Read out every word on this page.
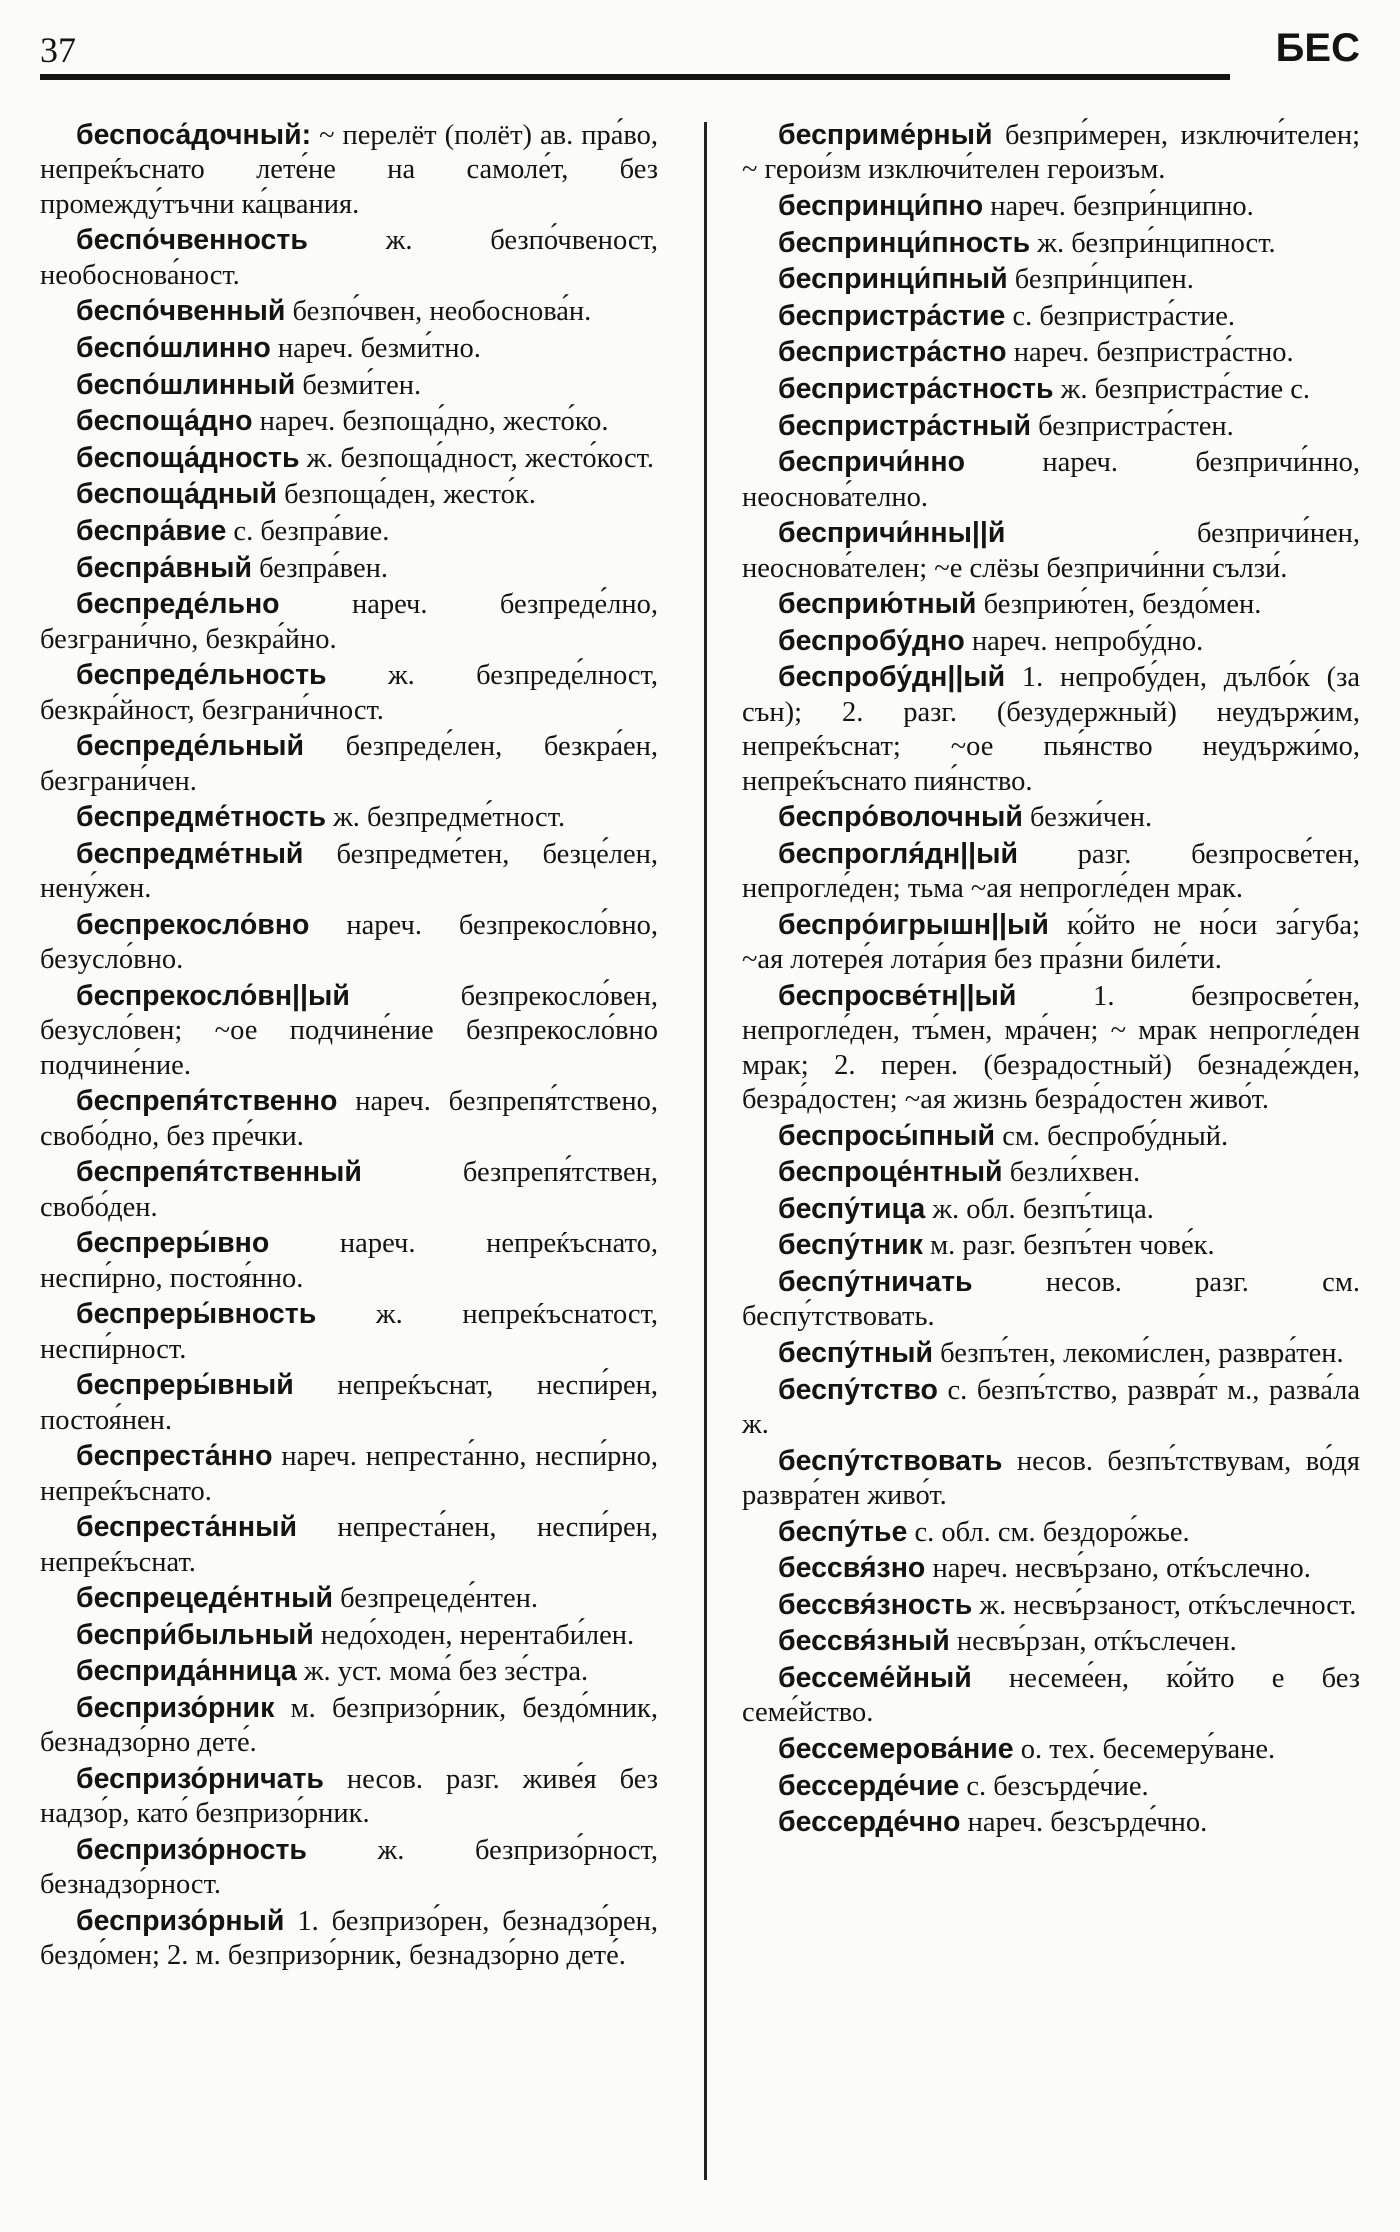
37	БЕС

беспоса́дочный: ~ перелёт (полёт) ав. пра́во, непреќъснато лете́не на самоле́т, без промежду́тъчни ка́цвания.

беспо́чвенность ж. безпо́чвеност, необоснова́ност.

беспо́чвенный безпо́чвен, необоснова́н.

беспо́шлинно нареч. безми́тно.

беспо́шлинный безми́тен.

беспоща́дно нареч. безпоща́дно, жесто́ко.

беспоща́дность ж. безпоща́дност, жесто́кост.

беспоща́дный безпоща́ден, жесто́к.

беспра́вие с. безпра́вие.

беспра́вный безпра́вен.

беспреде́льно нареч. безпреде́лно, безграни́чно, безкра́йно.

беспреде́льность ж. безпреде́лност, безкра́йност, безграни́чност.

беспреде́льный безпреде́лен, безкра́ен, безграни́чен.

беспредме́тность ж. безпредме́тност.

беспредме́тный безпредме́тен, безце́лен, нену́жен.

беспрекосло́вно нареч. безпрекосло́вно, безусло́вно.

беспрекосло́вн||ый безпрекосло́вен, безусло́вен; ~ое подчине́ние безпрекосло́вно подчине́ние.

беспрепя́тственно нареч. безпрепя́тствено, свобо́дно, без пре́чки.

беспрепя́тственный безпрепя́тствен, свобо́ден.

беспреры́вно нареч. непреќъснато, неспи́рно, постоя́нно.

беспреры́вность ж. непреќъснатост, неспи́рност.

беспреры́вный непреќъснат, неспи́рен, постоя́нен.

беспреста́нно нареч. непреста́нно, неспи́рно, непреќъснато.

беспреста́нный непреста́нен, неспи́рен, непреќъснат.

беспрецеде́нтный безпрецеде́нтен.

беспри́быльный недо́ходен, нерентаби́лен.

бесприда́нница ж. уст. мома́ без зе́стра.

беспризо́рник м. безпризо́рник, бездо́мник, безнадзо́рно дете́.

беспризо́рничать несов. разг. живе́я без надзо́р, като́ безпризо́рник.

беспризо́рность ж. безпризо́рност, безнадзо́рност.

беспризо́рный 1. безпризо́рен, безнадзо́рен, бездо́мен; 2. м. безпризо́рник, безнадзо́рно дете́.

бесприме́рный безпри́мерен, изключи́телен; ~ герои́зм изключи́телен героизъм.

беспринци́пно нареч. безпри́нципно.

беспринци́пность ж. безпри́нципност.

беспринци́пный безпри́нципен.

беспристра́стие с. безпристра́стие.

беспристра́стно нареч. безпристра́стно.

беспристра́стность ж. безпристра́стие с.

беспристра́стный безпристра́стен.

беспричи́нно нареч. безпричи́нно, неоснова́телно.

беспричи́нны||й безпричи́нен, неоснова́телен; ~е слёзы безпричи́нни сълзи́.

бесприю́тный безприю́тен, бездо́мен.

беспробу́дно нареч. непробу́дно.

беспробу́дн||ый 1. непробу́ден, дълбо́к (за сън); 2. разг. (безудержный) неудържим, непреќъснат; ~ое пья́нство неудържи́мо, непреќъснато пия́нство.

беспро́волочный безжи́чен.

беспрогля́дн||ый разг. безпросве́тен, непрогле́ден; тьма ~ая непрогле́ден мрак.

беспро́игрышн||ый ко́йто не но́си за́губа; ~ая лотере́я лота́рия без пра́зни биле́ти.

беспросве́тн||ый 1. безпросве́тен, непрогле́ден, тъ́мен, мра́чен; ~ мрак непрогле́ден мрак; 2. перен. (безрадостный) безнаде́жден, безра́достен; ~ая жизнь безра́достен живо́т.

беспросы́пный см. беспробу́дный.

беспроце́нтный безли́хвен.

беспу́тица ж. обл. безпъ́тица.

беспу́тник м. разг. безпъ́тен чове́к.

беспу́тничать несов. разг. см. беспу́тствовать.

беспу́тный безпъ́тен, лекоми́слен, развра́тен.

беспу́тство с. безпъ́тство, развра́т м., разва́ла ж.

беспу́тствовать несов. безпъ́тствувам, во́дя развра́тен живо́т.

беспу́тье с. обл. см. бездоро́жье.

бессвя́зно нареч. несвъ́рзано, отќъслечно.

бессвя́зность ж. несвъ́рзаност, отќъслечност.

бессвя́зный несвъ́рзан, отќъслечен.

бессеме́йный несеме́ен, ко́йто е без семе́йство.

бессемерова́ние о. тех. бесемеру́ване.

бессерде́чие с. безсърде́чие.

бессерде́чно нареч. безсърде́чно.
